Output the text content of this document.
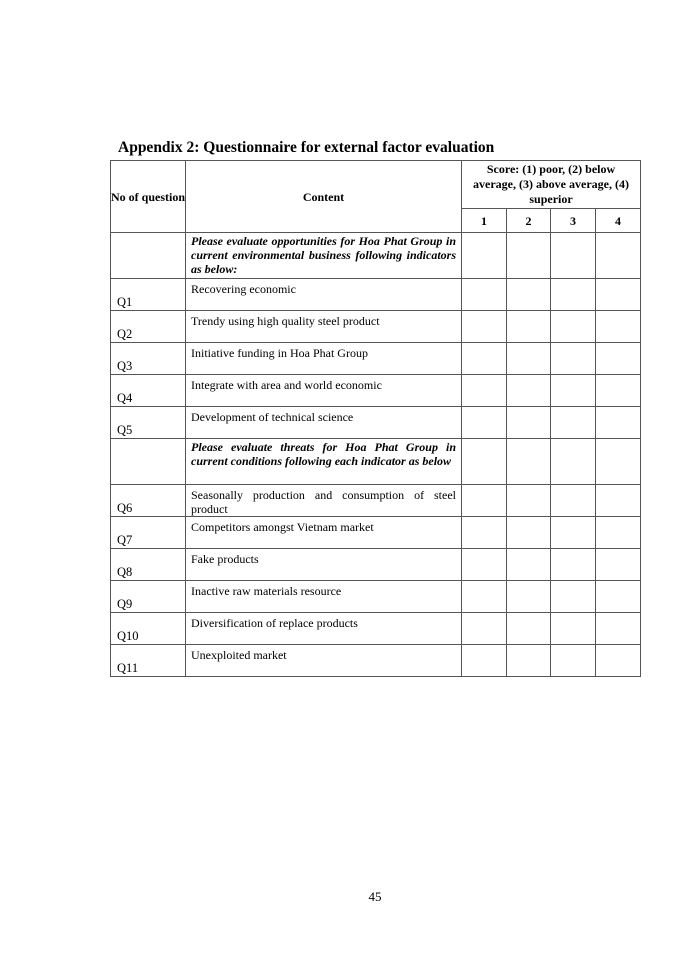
Appendix 2: Questionnaire for external factor evaluation
No of question	Content	Score: (1) poor, (2) below average, (3) above average, (4) superior			
		1	2	3	4
	Please evaluate opportunities for Hoa Phat Group in current environmental business following indicators as below:				
Q1	Recovering economic				
Q2	Trendy using high quality steel product				
Q3	Initiative funding in Hoa Phat Group				
Q4	Integrate with area and world economic				
Q5	Development of technical science				
	Please evaluate threats for Hoa Phat Group in current conditions following each indicator as below				
Q6	Seasonally production and consumption of steel product				
Q7	Competitors amongst Vietnam market				
Q8	Fake products				
Q9	Inactive raw materials resource				
Q10	Diversification of replace products				
Q11	Unexploited market				
45
